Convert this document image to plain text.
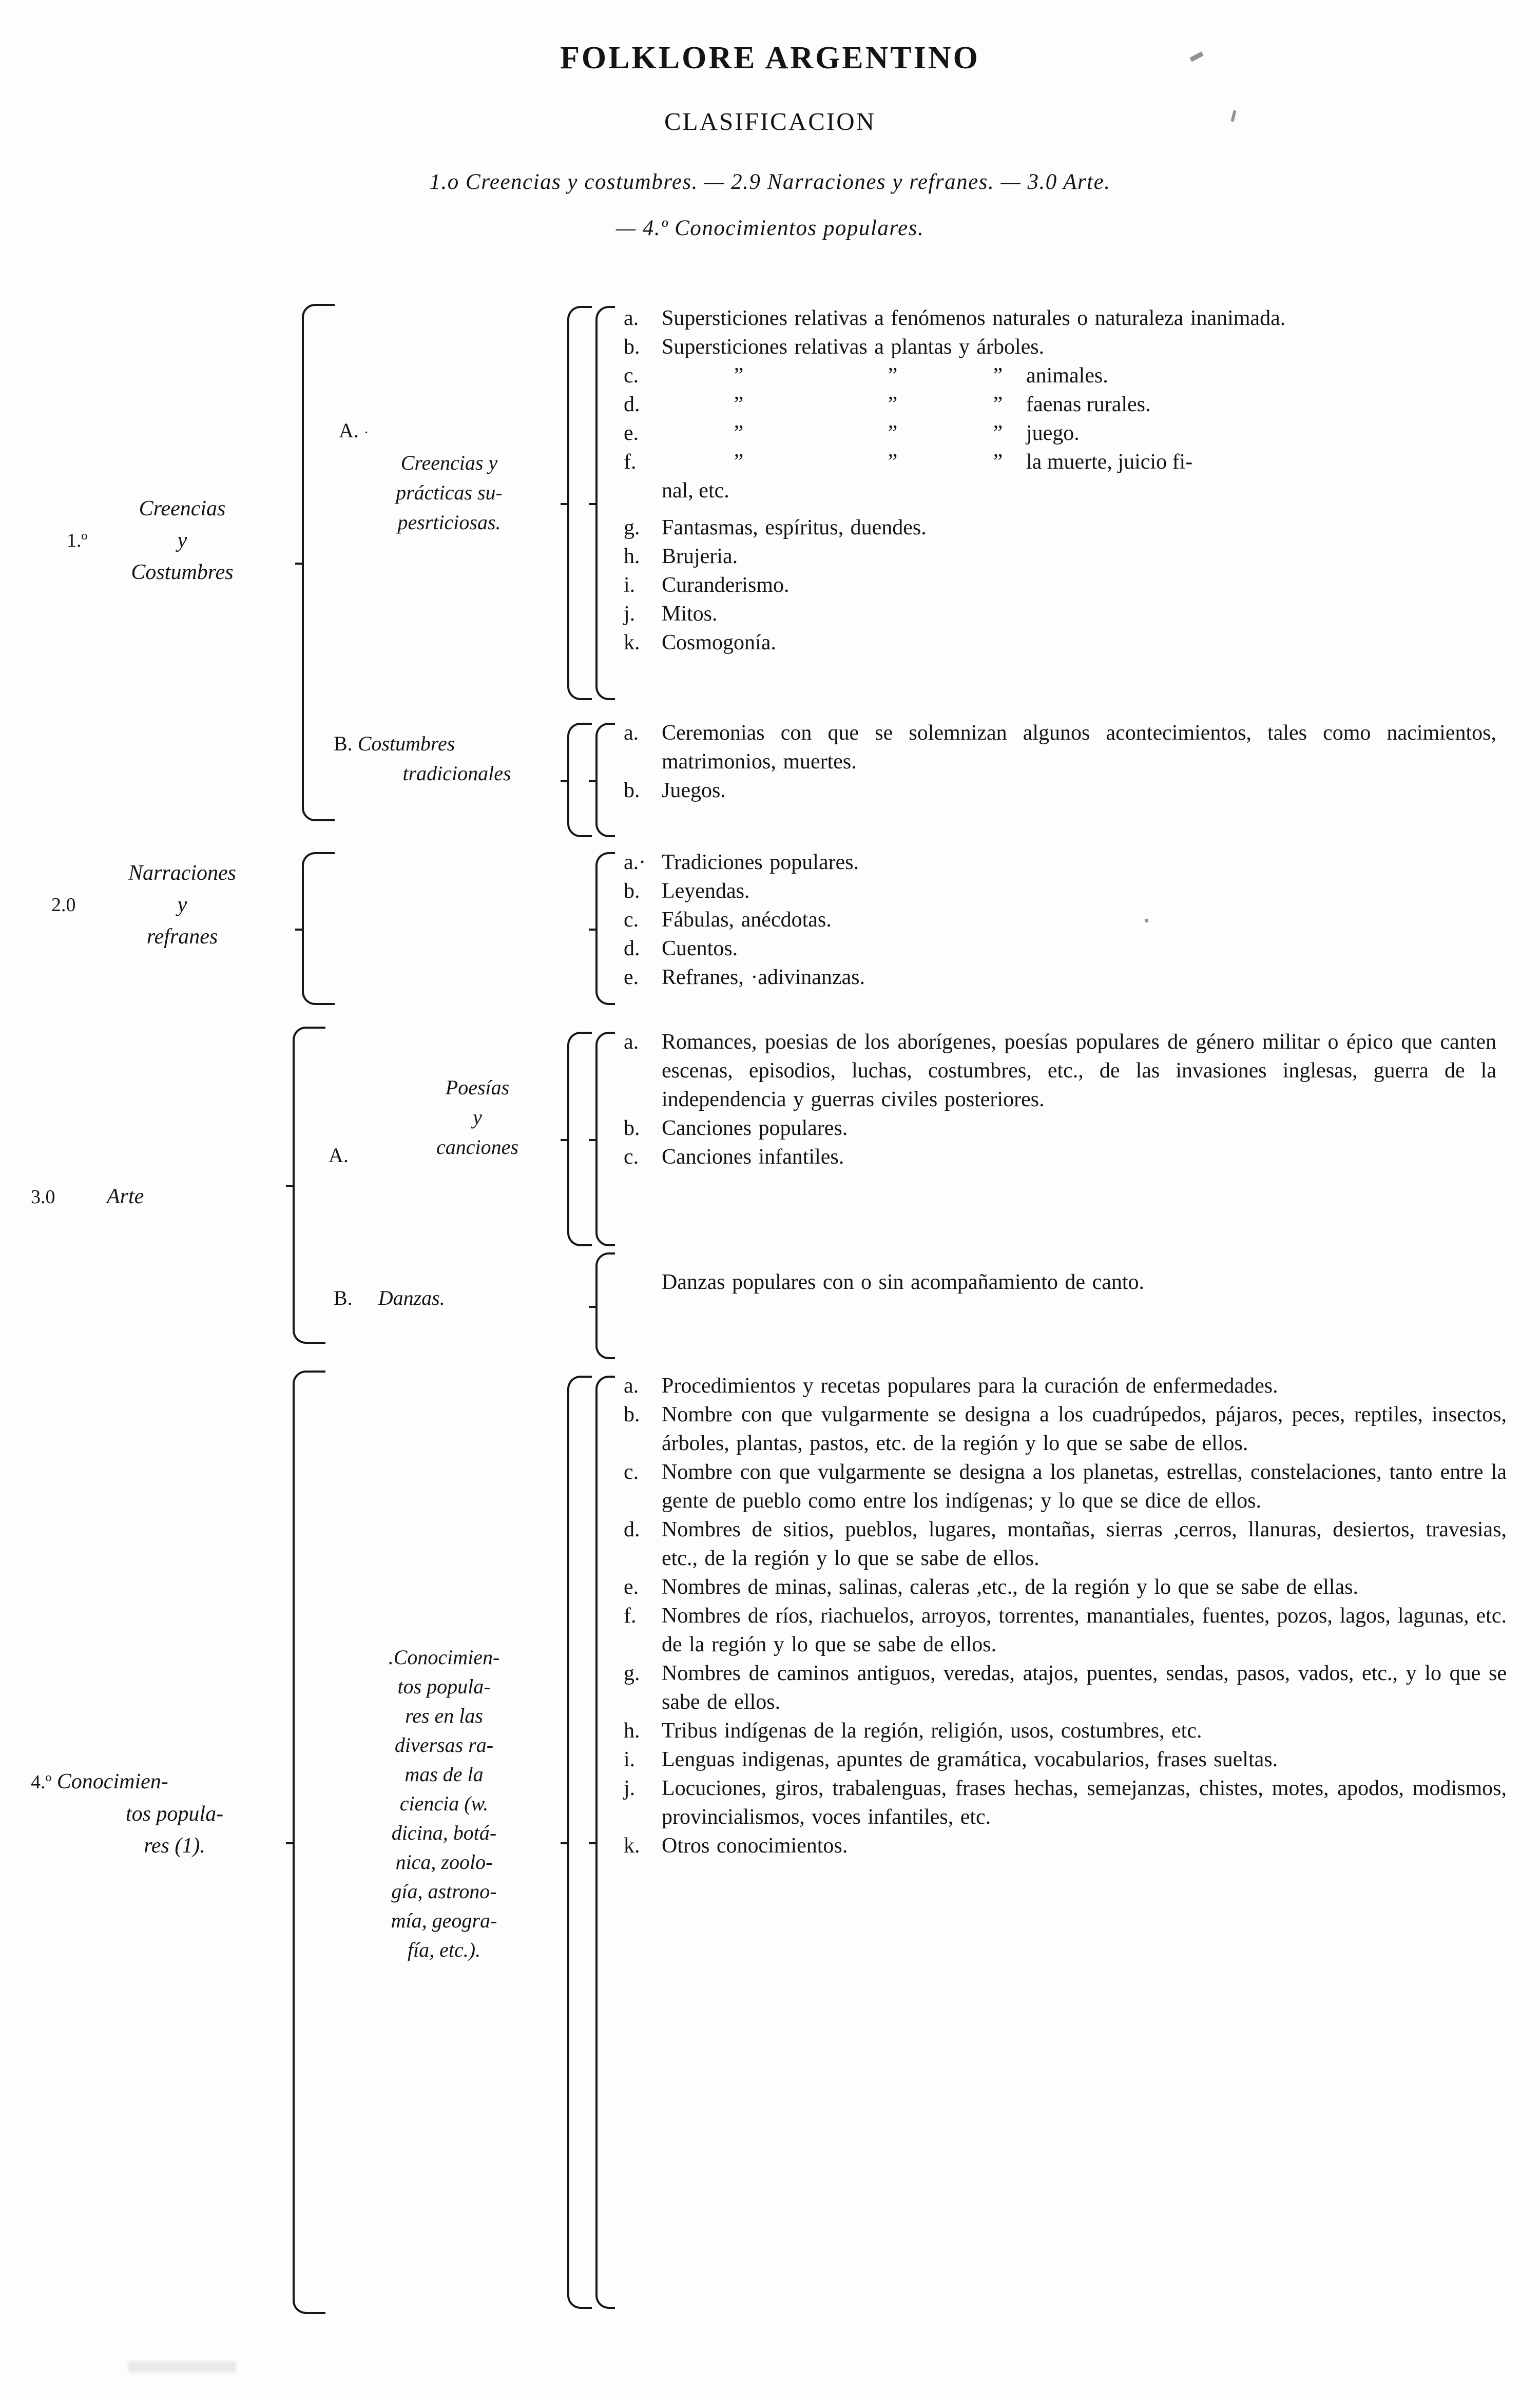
FOLKLORE ARGENTINO
CLASIFICACION
1.o Creencias y costumbres. — 2.9 Narraciones y refranes. — 3.0 Arte.
— 4.º Conocimientos populares.
Creencias

1.º	y
Costumbres
A. ·

Creencias y
prácticas su-
pesrticiosas.
a.	Supersticiones relativas a fenómenos naturales o naturaleza inanimada.
b.	Supersticiones relativas a plantas y árboles.
c.	”	”	”	animales.
d.	”	”	”	faenas rurales.
e.	”	”	”	juego.
f.	”	”	”	la muerte, juicio fi-
nal, etc.
g.	Fantasmas, espíritus, duendes.
h.	Brujeria.
i.	Curanderismo.
j.	Mitos.
k.	Cosmogonía.
B. Costumbres

tradicionales
a.	Ceremonias con que se solemnizan algunos acontecimientos, tales como nacimientos, matrimonios, muertes.
b.	Juegos.
Narraciones

2.0	y
refranes
a.· Tradiciones populares.
b.	Leyendas.
c.	Fábulas, anécdotas.
d.	Cuentos.
e.	Refranes, ·adivinanzas.
3.0 Arte
Poesías
A.
y
canciones
a.	Romances, poesias de los aborígenes, poesías populares de género militar o épico que canten escenas, episodios, luchas, costumbres, etc., de las invasiones inglesas, guerra de la independencia y guerras civiles posteriores.
b.	Canciones populares.
c.	Canciones infantiles.
B. Danzas.
Danzas populares con o sin acompañamiento de canto.
4.º Conocimien-
tos popula-
res (1).
.Conocimien-
tos popula-
res en las
diversas ra-
mas de la
ciencia (w.
dicina, botá-
nica, zoolo-
gía, astrono-
mía, geogra-
fía, etc.).
a.	Procedimientos y recetas populares para la curación de enfermedades.
b.	Nombre con que vulgarmente se designa a los cuadrúpedos, pájaros, peces, reptiles, insectos, árboles, plantas, pastos, etc. de la región y lo que se sabe de ellos.
c.	Nombre con que vulgarmente se designa a los planetas, estrellas, constelaciones, tanto entre la gente de pueblo como entre los indígenas; y lo que se dice de ellos.
d.	Nombres de sitios, pueblos, lugares, montañas, sierras ,cerros, llanuras, desiertos, travesias, etc., de la región y lo que se sabe de ellos.
e.	Nombres de minas, salinas, caleras ,etc., de la región y lo que se sabe de ellas.
f.	Nombres de ríos, riachuelos, arroyos, torrentes, manantiales, fuentes, pozos, lagos, lagunas, etc. de la región y lo que se sabe de ellos.
g.	Nombres de caminos antiguos, veredas, atajos, puentes, sendas, pasos, vados, etc., y lo que se sabe de ellos.
h.	Tribus indígenas de la región, religión, usos, costumbres, etc.
i.	Lenguas indigenas, apuntes de gramática, vocabularios, frases sueltas.
j.	Locuciones, giros, trabalenguas, frases hechas, semejanzas, chistes, motes, apodos, modismos, provincialismos, voces infantiles, etc.
k.	Otros conocimientos.
